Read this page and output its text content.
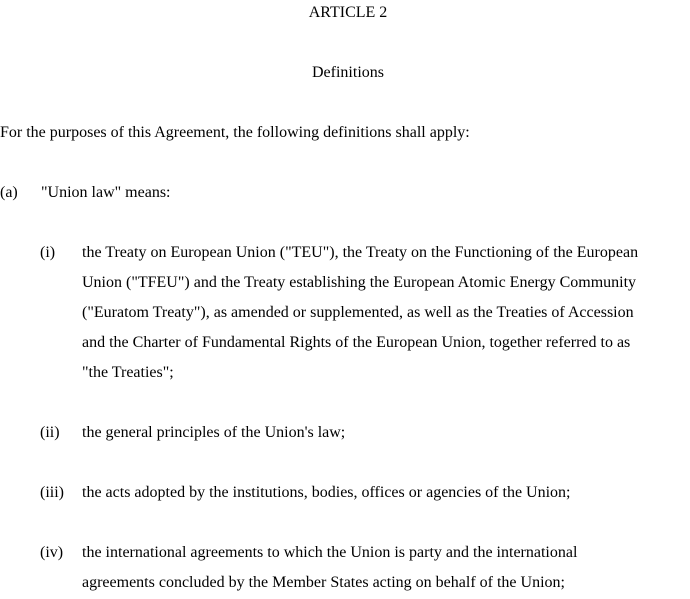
ARTICLE 2
Definitions
For the purposes of this Agreement, the following definitions shall apply:
(a) "Union law" means:
(i) the Treaty on European Union ("TEU"), the Treaty on the Functioning of the European
Union ("TFEU") and the Treaty establishing the European Atomic Energy Community
("Euratom Treaty"), as amended or supplemented, as well as the Treaties of Accession
and the Charter of Fundamental Rights of the European Union, together referred to as
"the Treaties";
(ii) the general principles of the Union's law;
(iii) the acts adopted by the institutions, bodies, offices or agencies of the Union;
(iv) the international agreements to which the Union is party and the international
agreements concluded by the Member States acting on behalf of the Union;
